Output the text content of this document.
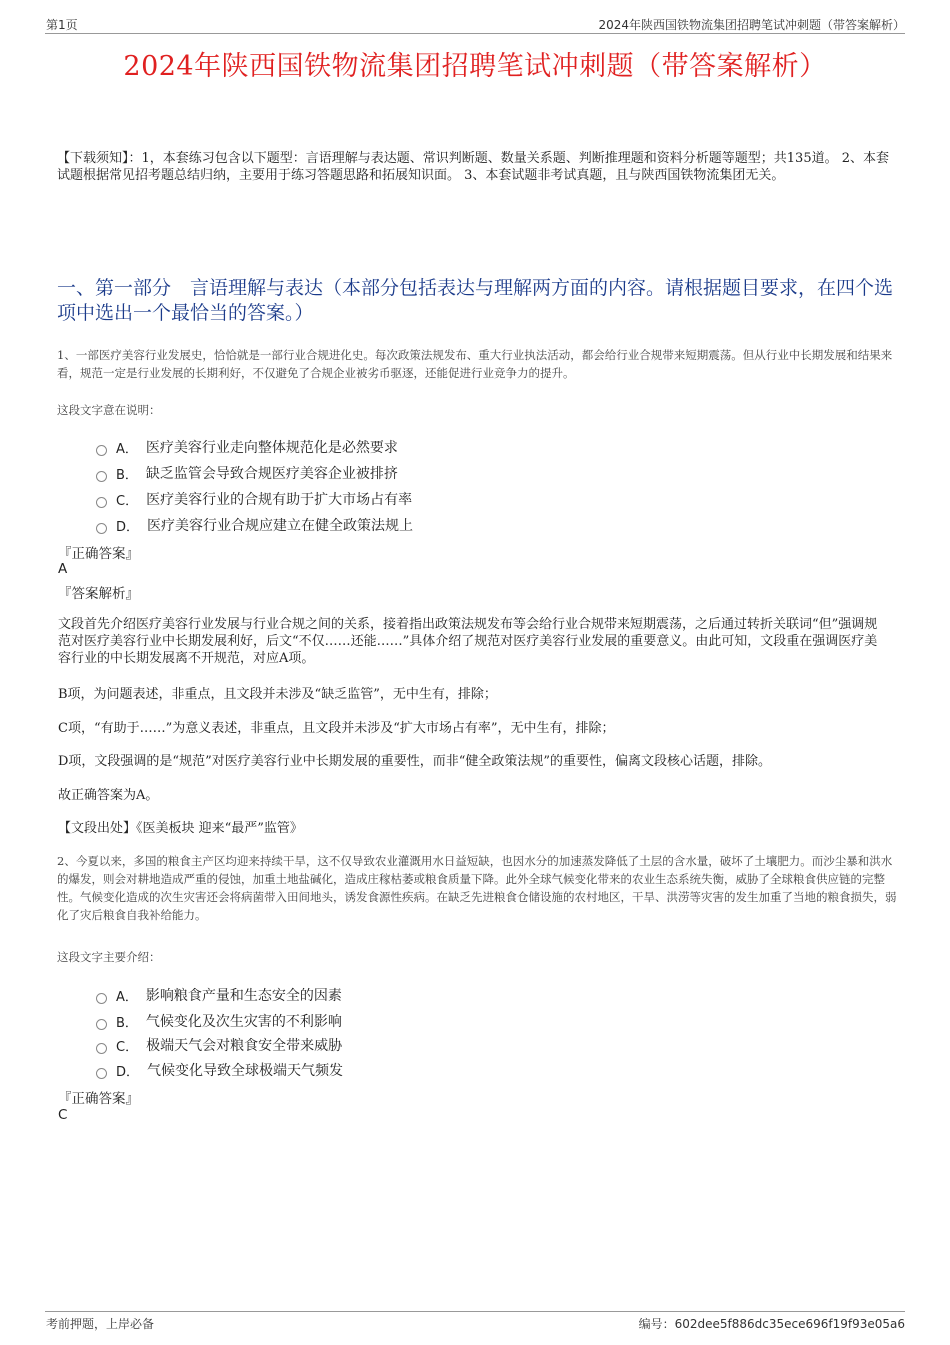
第1页	2024年陕西国铁物流集团招聘笔试冲刺题（带答案解析）
2024年陕西国铁物流集团招聘笔试冲刺题（带答案解析）
【下载须知】：1，本套练习包含以下题型：言语理解与表达题、常识判断题、数量关系题、判断推理题和资料分析题等题型；共135道。 2、本套试题根据常见招考题总结归纳，主要用于练习答题思路和拓展知识面。 3、本套试题非考试真题，且与陕西国铁物流集团无关。
一、第一部分　言语理解与表达（本部分包括表达与理解两方面的内容。请根据题目要求，在四个选项中选出一个最恰当的答案。）
1、一部医疗美容行业发展史，恰恰就是一部行业合规进化史。每次政策法规发布、重大行业执法活动，都会给行业合规带来短期震荡。但从行业中长期发展和结果来看，规范一定是行业发展的长期利好，不仅避免了合规企业被劣币驱逐，还能促进行业竞争力的提升。
这段文字意在说明：
A． 医疗美容行业走向整体规范化是必然要求
B． 缺乏监管会导致合规医疗美容企业被排挤
C． 医疗美容行业的合规有助于扩大市场占有率
D． 医疗美容行业合规应建立在健全政策法规上
『正确答案』
A
『答案解析』
文段首先介绍医疗美容行业发展与行业合规之间的关系，接着指出政策法规发布等会给行业合规带来短期震荡，之后通过转折关联词“但”强调规范对医疗美容行业中长期发展利好，后文“不仅……还能……”具体介绍了规范对医疗美容行业发展的重要意义。由此可知，文段重在强调医疗美容行业的中长期发展离不开规范，对应A项。
B项，为问题表述，非重点，且文段并未涉及“缺乏监管”，无中生有，排除；
C项，“有助于……”为意义表述，非重点，且文段并未涉及“扩大市场占有率”，无中生有，排除；
D项，文段强调的是“规范”对医疗美容行业中长期发展的重要性，而非“健全政策法规”的重要性，偏离文段核心话题，排除。
故正确答案为A。
【文段出处】《医美板块 迎来“最严”监管》
2、今夏以来，多国的粮食主产区均迎来持续干旱，这不仅导致农业灌溉用水日益短缺，也因水分的加速蒸发降低了土层的含水量，破坏了土壤肥力。而沙尘暴和洪水的爆发，则会对耕地造成严重的侵蚀，加重土地盐碱化，造成庄稼枯萎或粮食质量下降。此外全球气候变化带来的农业生态系统失衡，威胁了全球粮食供应链的完整性。气候变化造成的次生灾害还会将病菌带入田间地头，诱发食源性疾病。在缺乏先进粮食仓储设施的农村地区，干旱、洪涝等灾害的发生加重了当地的粮食损失，弱化了灾后粮食自我补给能力。
这段文字主要介绍：
A． 影响粮食产量和生态安全的因素
B． 气候变化及次生灾害的不利影响
C． 极端天气会对粮食安全带来威胁
D． 气候变化导致全球极端天气频发
『正确答案』
C
考前押题，上岸必备	编号：602dee5f886dc35ece696f19f93e05a6
